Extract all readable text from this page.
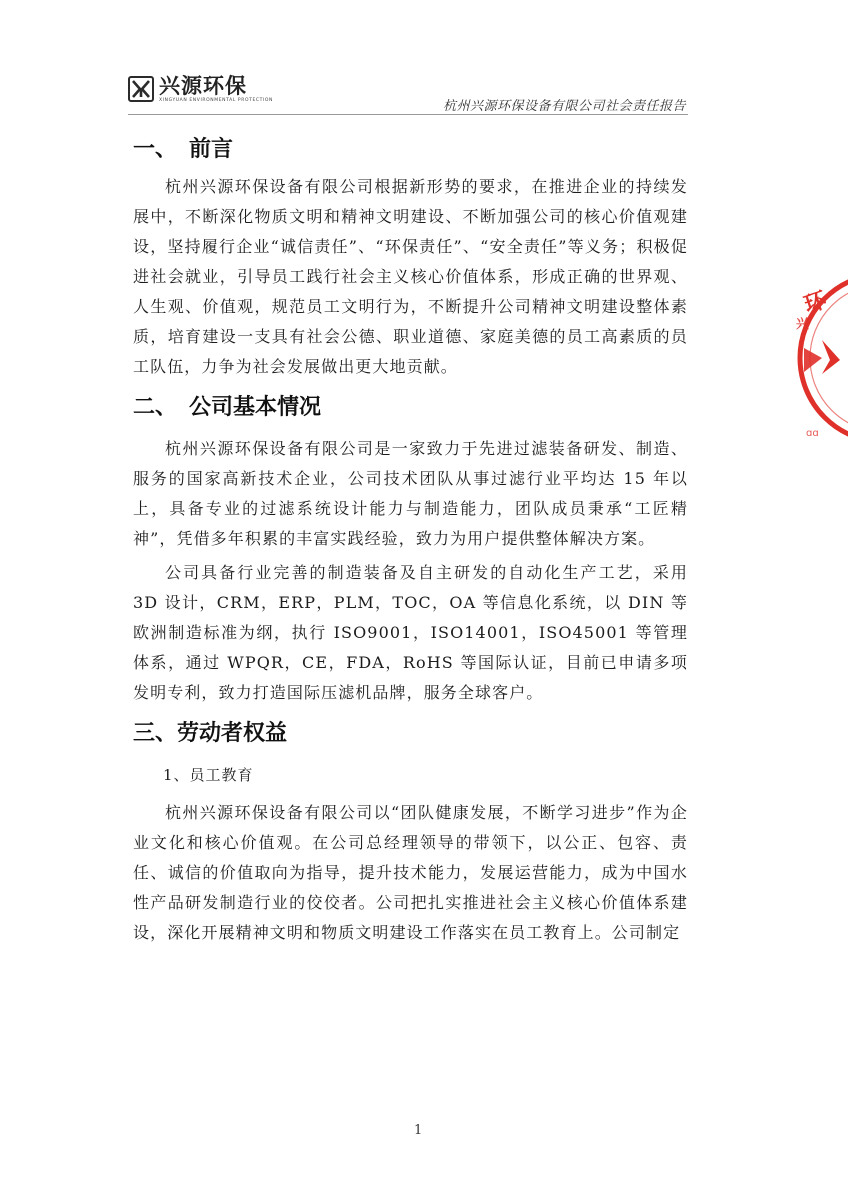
兴源环保
XINGYUAN ENVIRONMENTAL PROTECTION	杭州兴源环保设备有限公司社会责任报告
一、 前言

杭州兴源环保设备有限公司根据新形势的要求，在推进企业的持续发展中，不断深化物质文明和精神文明建设、不断加强公司的核心价值观建设，坚持履行企业“诚信责任”、“环保责任”、“安全责任”等义务；积极促进社会就业，引导员工践行社会主义核心价值体系，形成正确的世界观、人生观、价值观，规范员工文明行为，不断提升公司精神文明建设整体素质，培育建设一支具有社会公德、职业道德、家庭美德的员工高素质的员工队伍，力争为社会发展做出更大地贡献。

二、 公司基本情况

杭州兴源环保设备有限公司是一家致力于先进过滤装备研发、制造、服务的国家高新技术企业，公司技术团队从事过滤行业平均达 15 年以上，具备专业的过滤系统设计能力与制造能力，团队成员秉承“工匠精神”，凭借多年积累的丰富实践经验，致力为用户提供整体解决方案。

公司具备行业完善的制造装备及自主研发的自动化生产工艺，采用 3D 设计，CRM，ERP，PLM，TOC，OA 等信息化系统，以 DIN 等欧洲制造标准为纲，执行 ISO9001，ISO14001，ISO45001 等管理体系，通过 WPQR，CE，FDA，RoHS 等国际认证，目前已申请多项发明专利，致力打造国际压滤机品牌，服务全球客户。

三、劳动者权益

1、员工教育

杭州兴源环保设备有限公司以“团队健康发展，不断学习进步”作为企业文化和核心价值观。在公司总经理领导的带领下，以公正、包容、责任、诚信的价值取向为指导，提升技术能力，发展运营能力，成为中国水性产品研发制造行业的佼佼者。公司把扎实推进社会主义核心价值体系建设，深化开展精神文明和物质文明建设工作落实在员工教育上。公司制定

环
兴
ɑɑ
1
